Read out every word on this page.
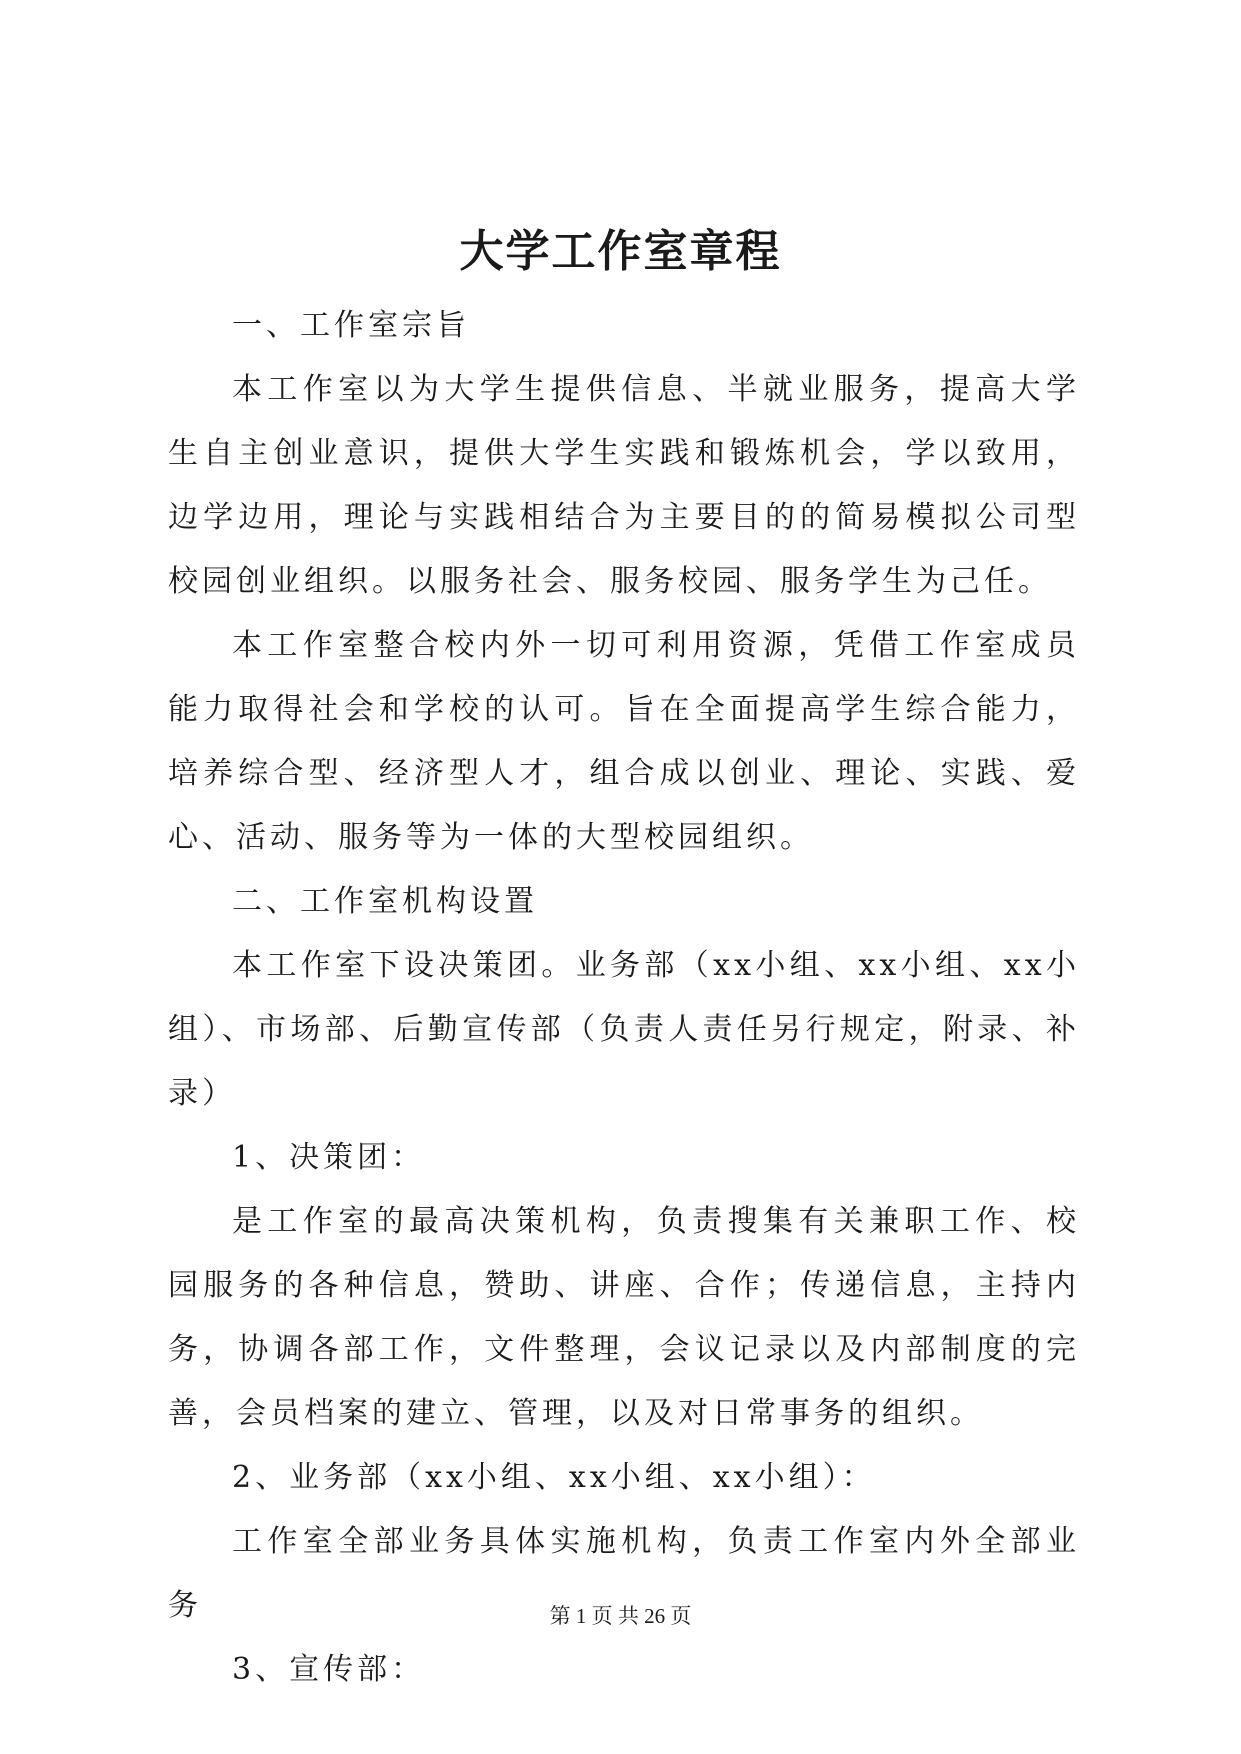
大学工作室章程

一、工作室宗旨

本工作室以为大学生提供信息、半就业服务，提高大学生自主创业意识，提供大学生实践和锻炼机会，学以致用，边学边用，理论与实践相结合为主要目的的简易模拟公司型校园创业组织。以服务社会、服务校园、服务学生为己任。

本工作室整合校内外一切可利用资源，凭借工作室成员能力取得社会和学校的认可。旨在全面提高学生综合能力，培养综合型、经济型人才，组合成以创业、理论、实践、爱心、活动、服务等为一体的大型校园组织。

二、工作室机构设置

本工作室下设决策团。业务部（xx小组、xx小组、xx小组）、市场部、后勤宣传部（负责人责任另行规定，附录、补录）

1、决策团：

是工作室的最高决策机构，负责搜集有关兼职工作、校园服务的各种信息，赞助、讲座、合作；传递信息，主持内务，协调各部工作，文件整理，会议记录以及内部制度的完善，会员档案的建立、管理，以及对日常事务的组织。

2、业务部（xx小组、xx小组、xx小组）：

工作室全部业务具体实施机构，负责工作室内外全部业务

3、宣传部：

第 1 页 共 26 页
